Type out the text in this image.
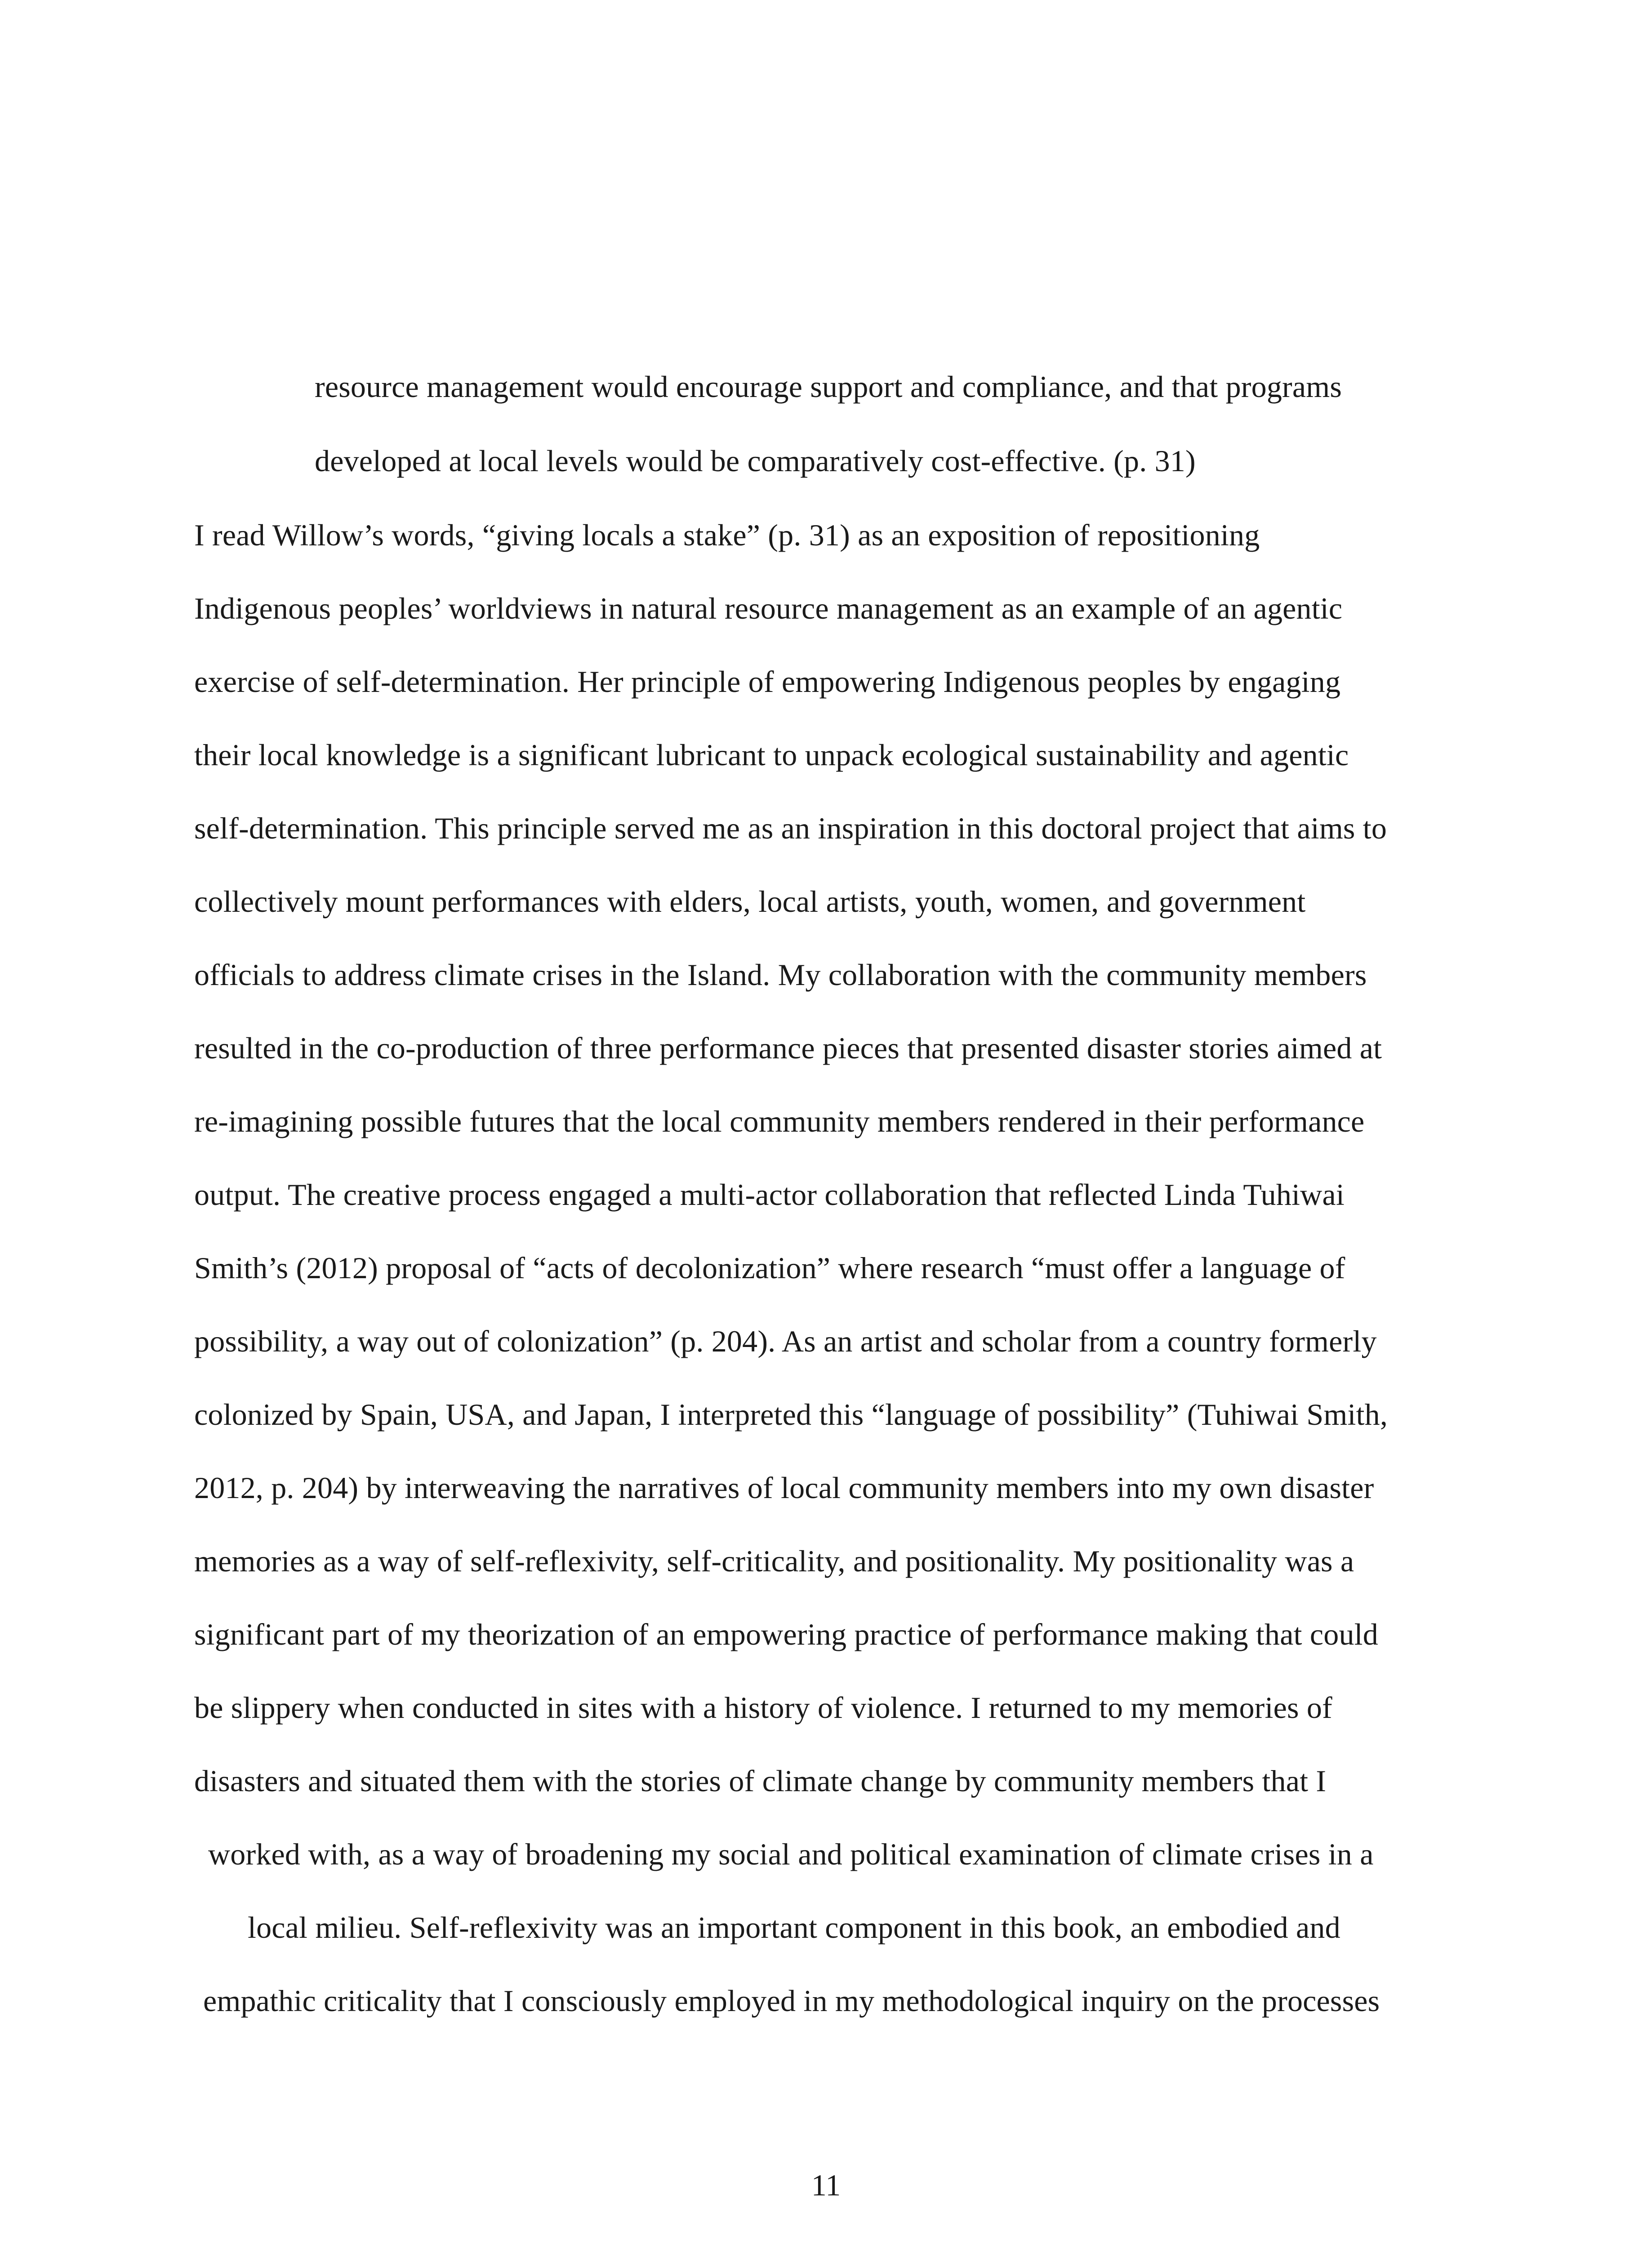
resource management would encourage support and compliance, and that programs
developed at local levels would be comparatively cost-effective. (p. 31)
I read Willow’s words, “giving locals a stake” (p. 31) as an exposition of repositioning
Indigenous peoples’ worldviews in natural resource management as an example of an agentic
exercise of self-determination. Her principle of empowering Indigenous peoples by engaging
their local knowledge is a significant lubricant to unpack ecological sustainability and agentic
self-determination. This principle served me as an inspiration in this doctoral project that aims to
collectively mount performances with elders, local artists, youth, women, and government
officials to address climate crises in the Island. My collaboration with the community members
resulted in the co-production of three performance pieces that presented disaster stories aimed at
re-imagining possible futures that the local community members rendered in their performance
output. The creative process engaged a multi-actor collaboration that reflected Linda Tuhiwai
Smith’s (2012) proposal of “acts of decolonization” where research “must offer a language of
possibility, a way out of colonization” (p. 204). As an artist and scholar from a country formerly
colonized by Spain, USA, and Japan, I interpreted this “language of possibility” (Tuhiwai Smith,
2012, p. 204) by interweaving the narratives of local community members into my own disaster
memories as a way of self-reflexivity, self-criticality, and positionality. My positionality was a
significant part of my theorization of an empowering practice of performance making that could
be slippery when conducted in sites with a history of violence. I returned to my memories of
disasters and situated them with the stories of climate change by community members that I
worked with, as a way of broadening my social and political examination of climate crises in a
local milieu. Self-reflexivity was an important component in this book, an embodied and
empathic criticality that I consciously employed in my methodological inquiry on the processes
11
